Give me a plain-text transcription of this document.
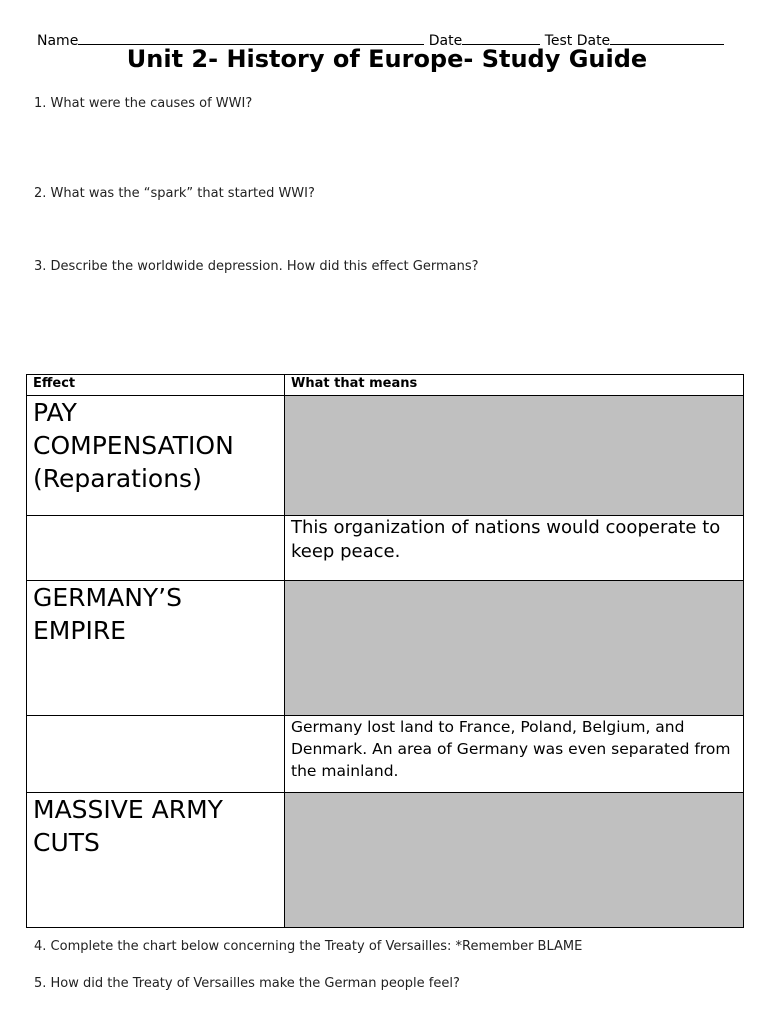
Name	Date	Test Date
Unit 2- History of Europe- Study Guide
1. What were the causes of WWI?
2. What was the “spark” that started WWI?
3. Describe the worldwide depression. How did this effect Germans?
Effect	What that means
PAY COMPENSATION (Reparations)	
	This organization of nations would cooperate to keep peace.
GERMANY’S EMPIRE	
	Germany lost land to France, Poland, Belgium, and Denmark. An area of Germany was even separated from the mainland.
MASSIVE ARMY CUTS	
4. Complete the chart below concerning the Treaty of Versailles: *Remember BLAME
5. How did the Treaty of Versailles make the German people feel?
